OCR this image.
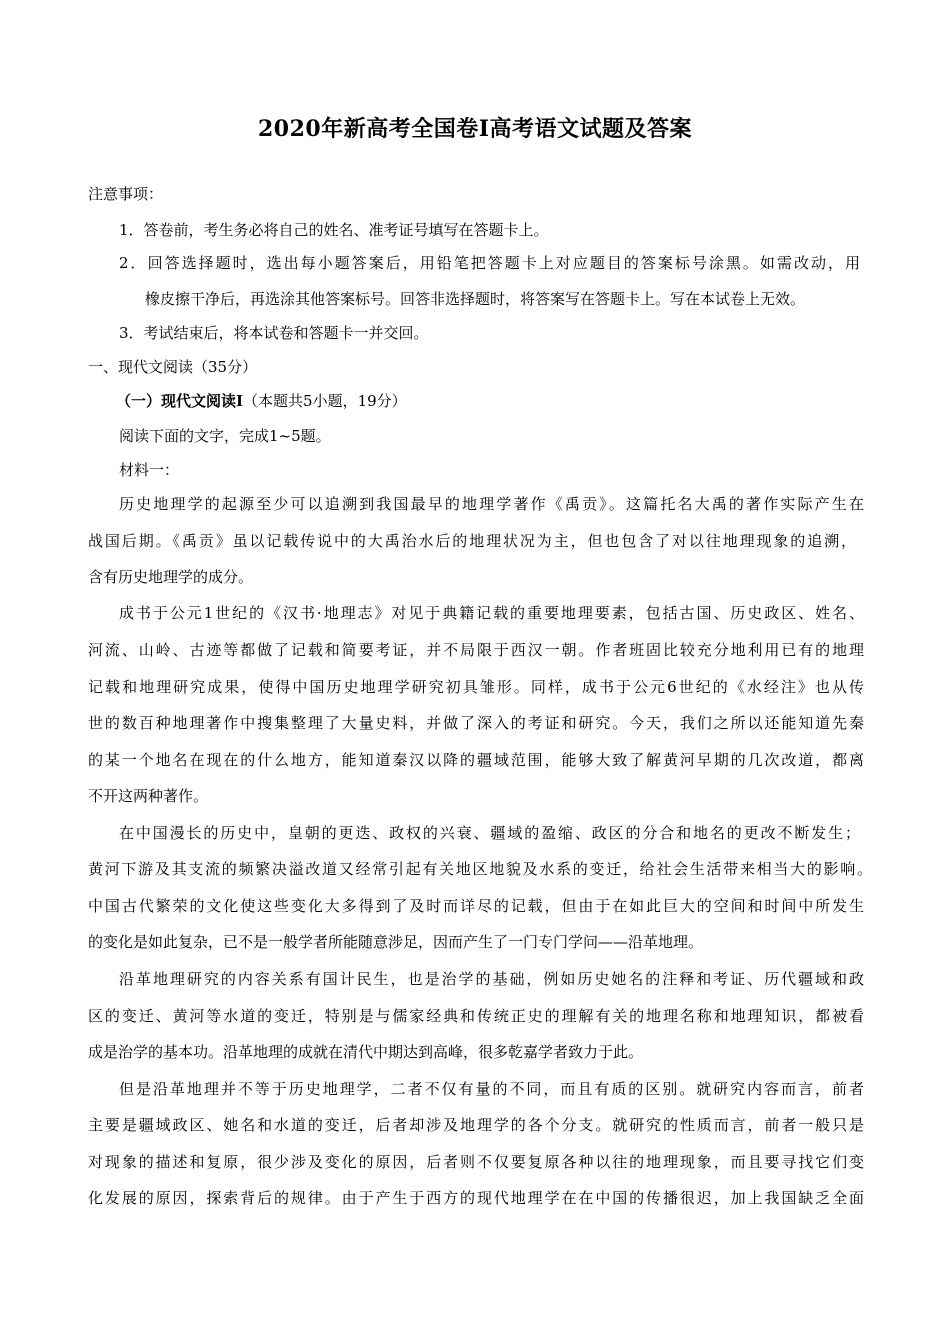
2020年新高考全国卷Ⅰ高考语文试题及答案
注意事项：
1．答卷前，考生务必将自己的姓名、准考证号填写在答题卡上。
2．回答选择题时，选出每小题答案后，用铅笔把答题卡上对应题目的答案标号涂黑。如需改动，用
橡皮擦干净后，再选涂其他答案标号。回答非选择题时，将答案写在答题卡上。写在本试卷上无效。
3．考试结束后，将本试卷和答题卡一并交回。
一、现代文阅读（35分）
（一）现代文阅读Ⅰ（本题共5小题，19分）
阅读下面的文字，完成1~5题。
材料一：
历史地理学的起源至少可以追溯到我国最早的地理学著作《禹贡》。这篇托名大禹的著作实际产生在
战国后期。《禹贡》虽以记载传说中的大禹治水后的地理状况为主，但也包含了对以往地理现象的追溯，
含有历史地理学的成分。
成书于公元1世纪的《汉书·地理志》对见于典籍记载的重要地理要素，包括古国、历史政区、姓名、
河流、山岭、古迹等都做了记载和简要考证，并不局限于西汉一朝。作者班固比较充分地利用已有的地理
记载和地理研究成果，使得中国历史地理学研究初具雏形。同样，成书于公元6世纪的《水经注》也从传
世的数百种地理著作中搜集整理了大量史料，并做了深入的考证和研究。今天，我们之所以还能知道先秦
的某一个地名在现在的什么地方，能知道秦汉以降的疆域范围，能够大致了解黄河早期的几次改道，都离
不开这两种著作。
在中国漫长的历史中，皇朝的更迭、政权的兴衰、疆域的盈缩、政区的分合和地名的更改不断发生；
黄河下游及其支流的频繁决溢改道又经常引起有关地区地貌及水系的变迁，给社会生活带来相当大的影响。
中国古代繁荣的文化使这些变化大多得到了及时而详尽的记载，但由于在如此巨大的空间和时间中所发生
的变化是如此复杂，已不是一般学者所能随意涉足，因而产生了一门专门学问——沿革地理。
沿革地理研究的内容关系有国计民生，也是治学的基础，例如历史她名的注释和考证、历代疆域和政
区的变迁、黄河等水道的变迁，特别是与儒家经典和传统正史的理解有关的地理名称和地理知识，都被看
成是治学的基本功。沿革地理的成就在清代中期达到高峰，很多乾嘉学者致力于此。
但是沿革地理并不等于历史地理学，二者不仅有量的不同，而且有质的区别。就研究内容而言，前者
主要是疆域政区、她名和水道的变迁，后者却涉及地理学的各个分支。就研究的性质而言，前者一般只是
对现象的描述和复原，很少涉及变化的原因，后者则不仅要复原各种以往的地理现象，而且要寻找它们变
化发展的原因，探索背后的规律。由于产生于西方的现代地理学在在中国的传播很迟，加上我国缺乏全面
